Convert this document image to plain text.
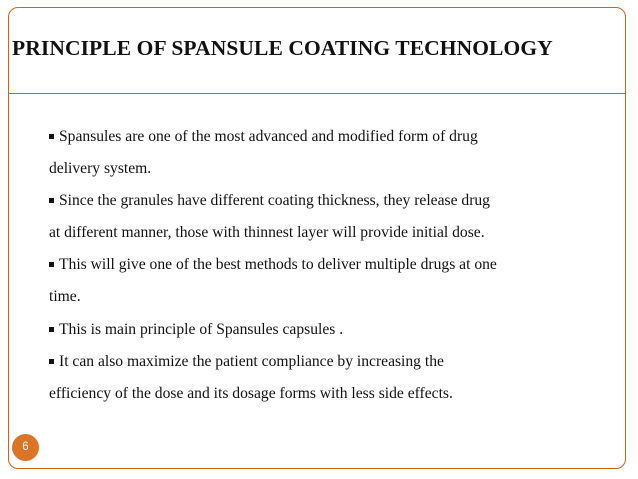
PRINCIPLE OF SPANSULE COATING TECHNOLOGY
Spansules are one of the most advanced and modified form of drug
delivery system.
Since the granules have different coating thickness, they release drug
at different manner, those with thinnest layer will provide initial dose.
This will give one of the best methods to deliver multiple drugs at one
time.
This is main principle of Spansules capsules .
It can also maximize the patient compliance by increasing the
efficiency of the dose and its dosage forms with less side effects.
6
